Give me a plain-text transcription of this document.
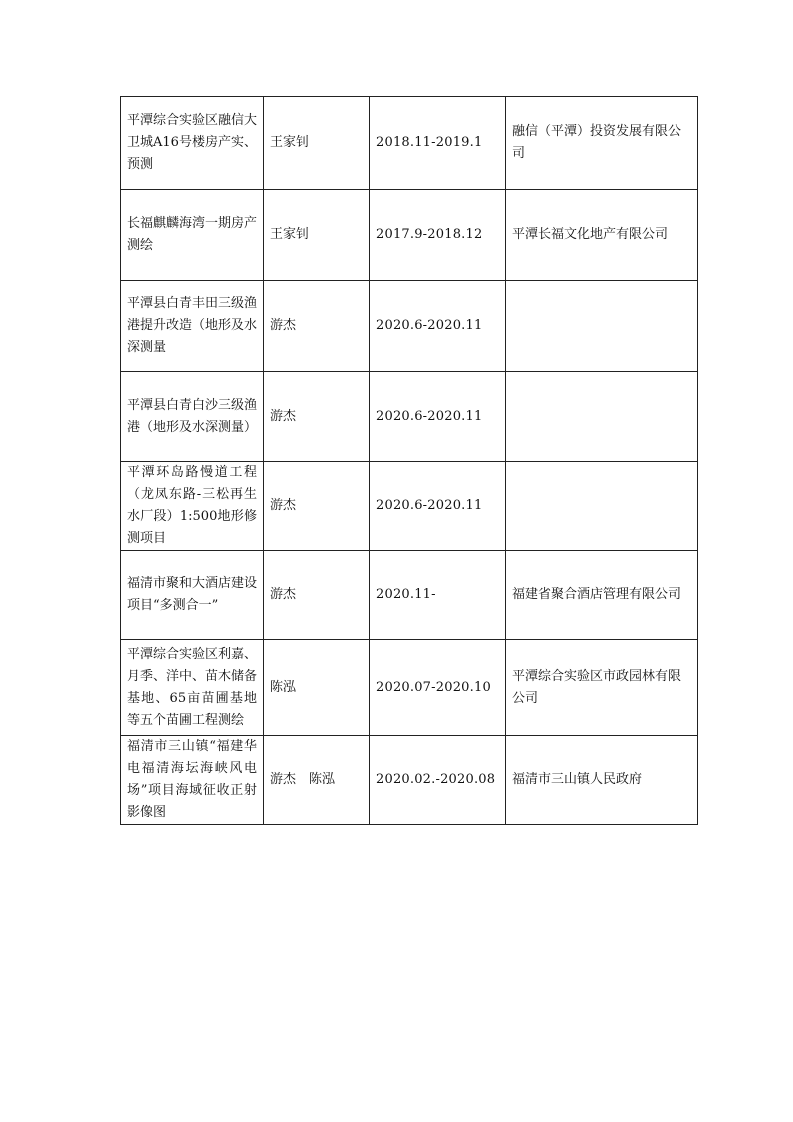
平潭综合实验区融信大卫城A16号楼房产实、预测	王家钊	2018.11-2019.1	融信（平潭）投资发展有限公司
长福麒麟海湾一期房产测绘	王家钊	2017.9-2018.12	平潭长福文化地产有限公司
平潭县白青丰田三级渔港提升改造（地形及水深测量	游杰	2020.6-2020.11	
平潭县白青白沙三级渔港（地形及水深测量）	游杰	2020.6-2020.11	
平潭环岛路慢道工程（龙凤东路-三松再生水厂段）1:500地形修测项目	游杰	2020.6-2020.11	
福清市聚和大酒店建设项目“多测合一”	游杰	2020.11-	福建省聚合酒店管理有限公司

平潭综合实验区利嘉、月季、洋中、苗木储备基地、65亩苗圃基地等五个苗圃工程测绘	陈泓	2020.07-2020.10	平潭综合实验区市政园林有限公司
福清市三山镇“福建华电福清海坛海峡风电场”项目海域征收正射影像图	游杰　陈泓	2020.02.-2020.08	福清市三山镇人民政府
